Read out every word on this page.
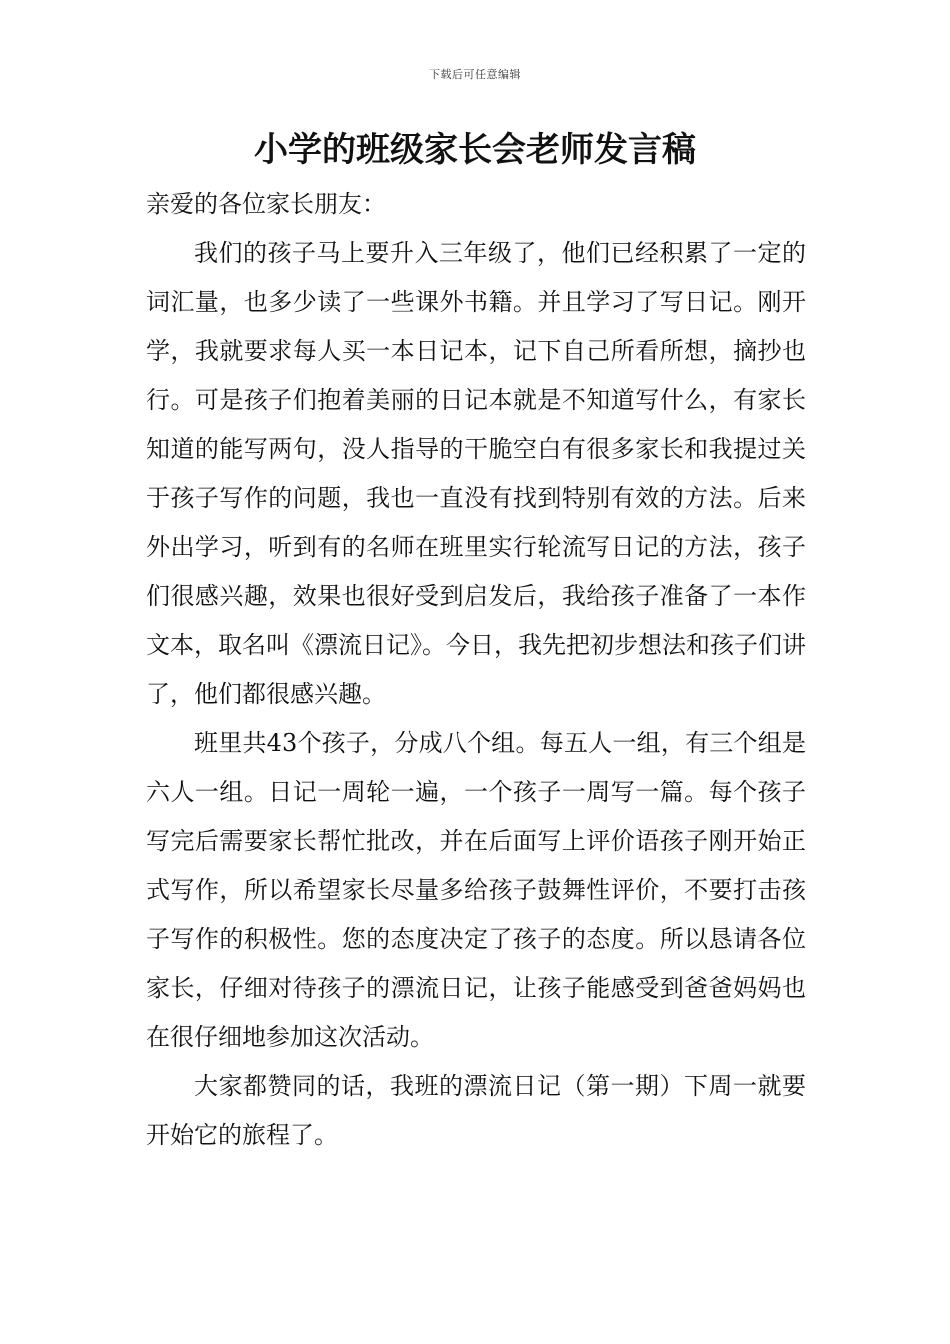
下载后可任意编辑
小学的班级家长会老师发言稿

亲爱的各位家长朋友：

我们的孩子马上要升入三年级了，他们已经积累了一定的词汇量，也多少读了一些课外书籍。并且学习了写日记。刚开学，我就要求每人买一本日记本，记下自己所看所想，摘抄也行。可是孩子们抱着美丽的日记本就是不知道写什么，有家长知道的能写两句，没人指导的干脆空白有很多家长和我提过关于孩子写作的问题，我也一直没有找到特别有效的方法。后来外出学习，听到有的名师在班里实行轮流写日记的方法，孩子们很感兴趣，效果也很好受到启发后，我给孩子准备了一本作文本，取名叫《漂流日记》。今日，我先把初步想法和孩子们讲了，他们都很感兴趣。

班里共43个孩子，分成八个组。每五人一组，有三个组是六人一组。日记一周轮一遍，一个孩子一周写一篇。每个孩子写完后需要家长帮忙批改，并在后面写上评价语孩子刚开始正式写作，所以希望家长尽量多给孩子鼓舞性评价，不要打击孩子写作的积极性。您的态度决定了孩子的态度。所以恳请各位家长，仔细对待孩子的漂流日记，让孩子能感受到爸爸妈妈也在很仔细地参加这次活动。

大家都赞同的话，我班的漂流日记（第一期）下周一就要开始它的旅程了。
